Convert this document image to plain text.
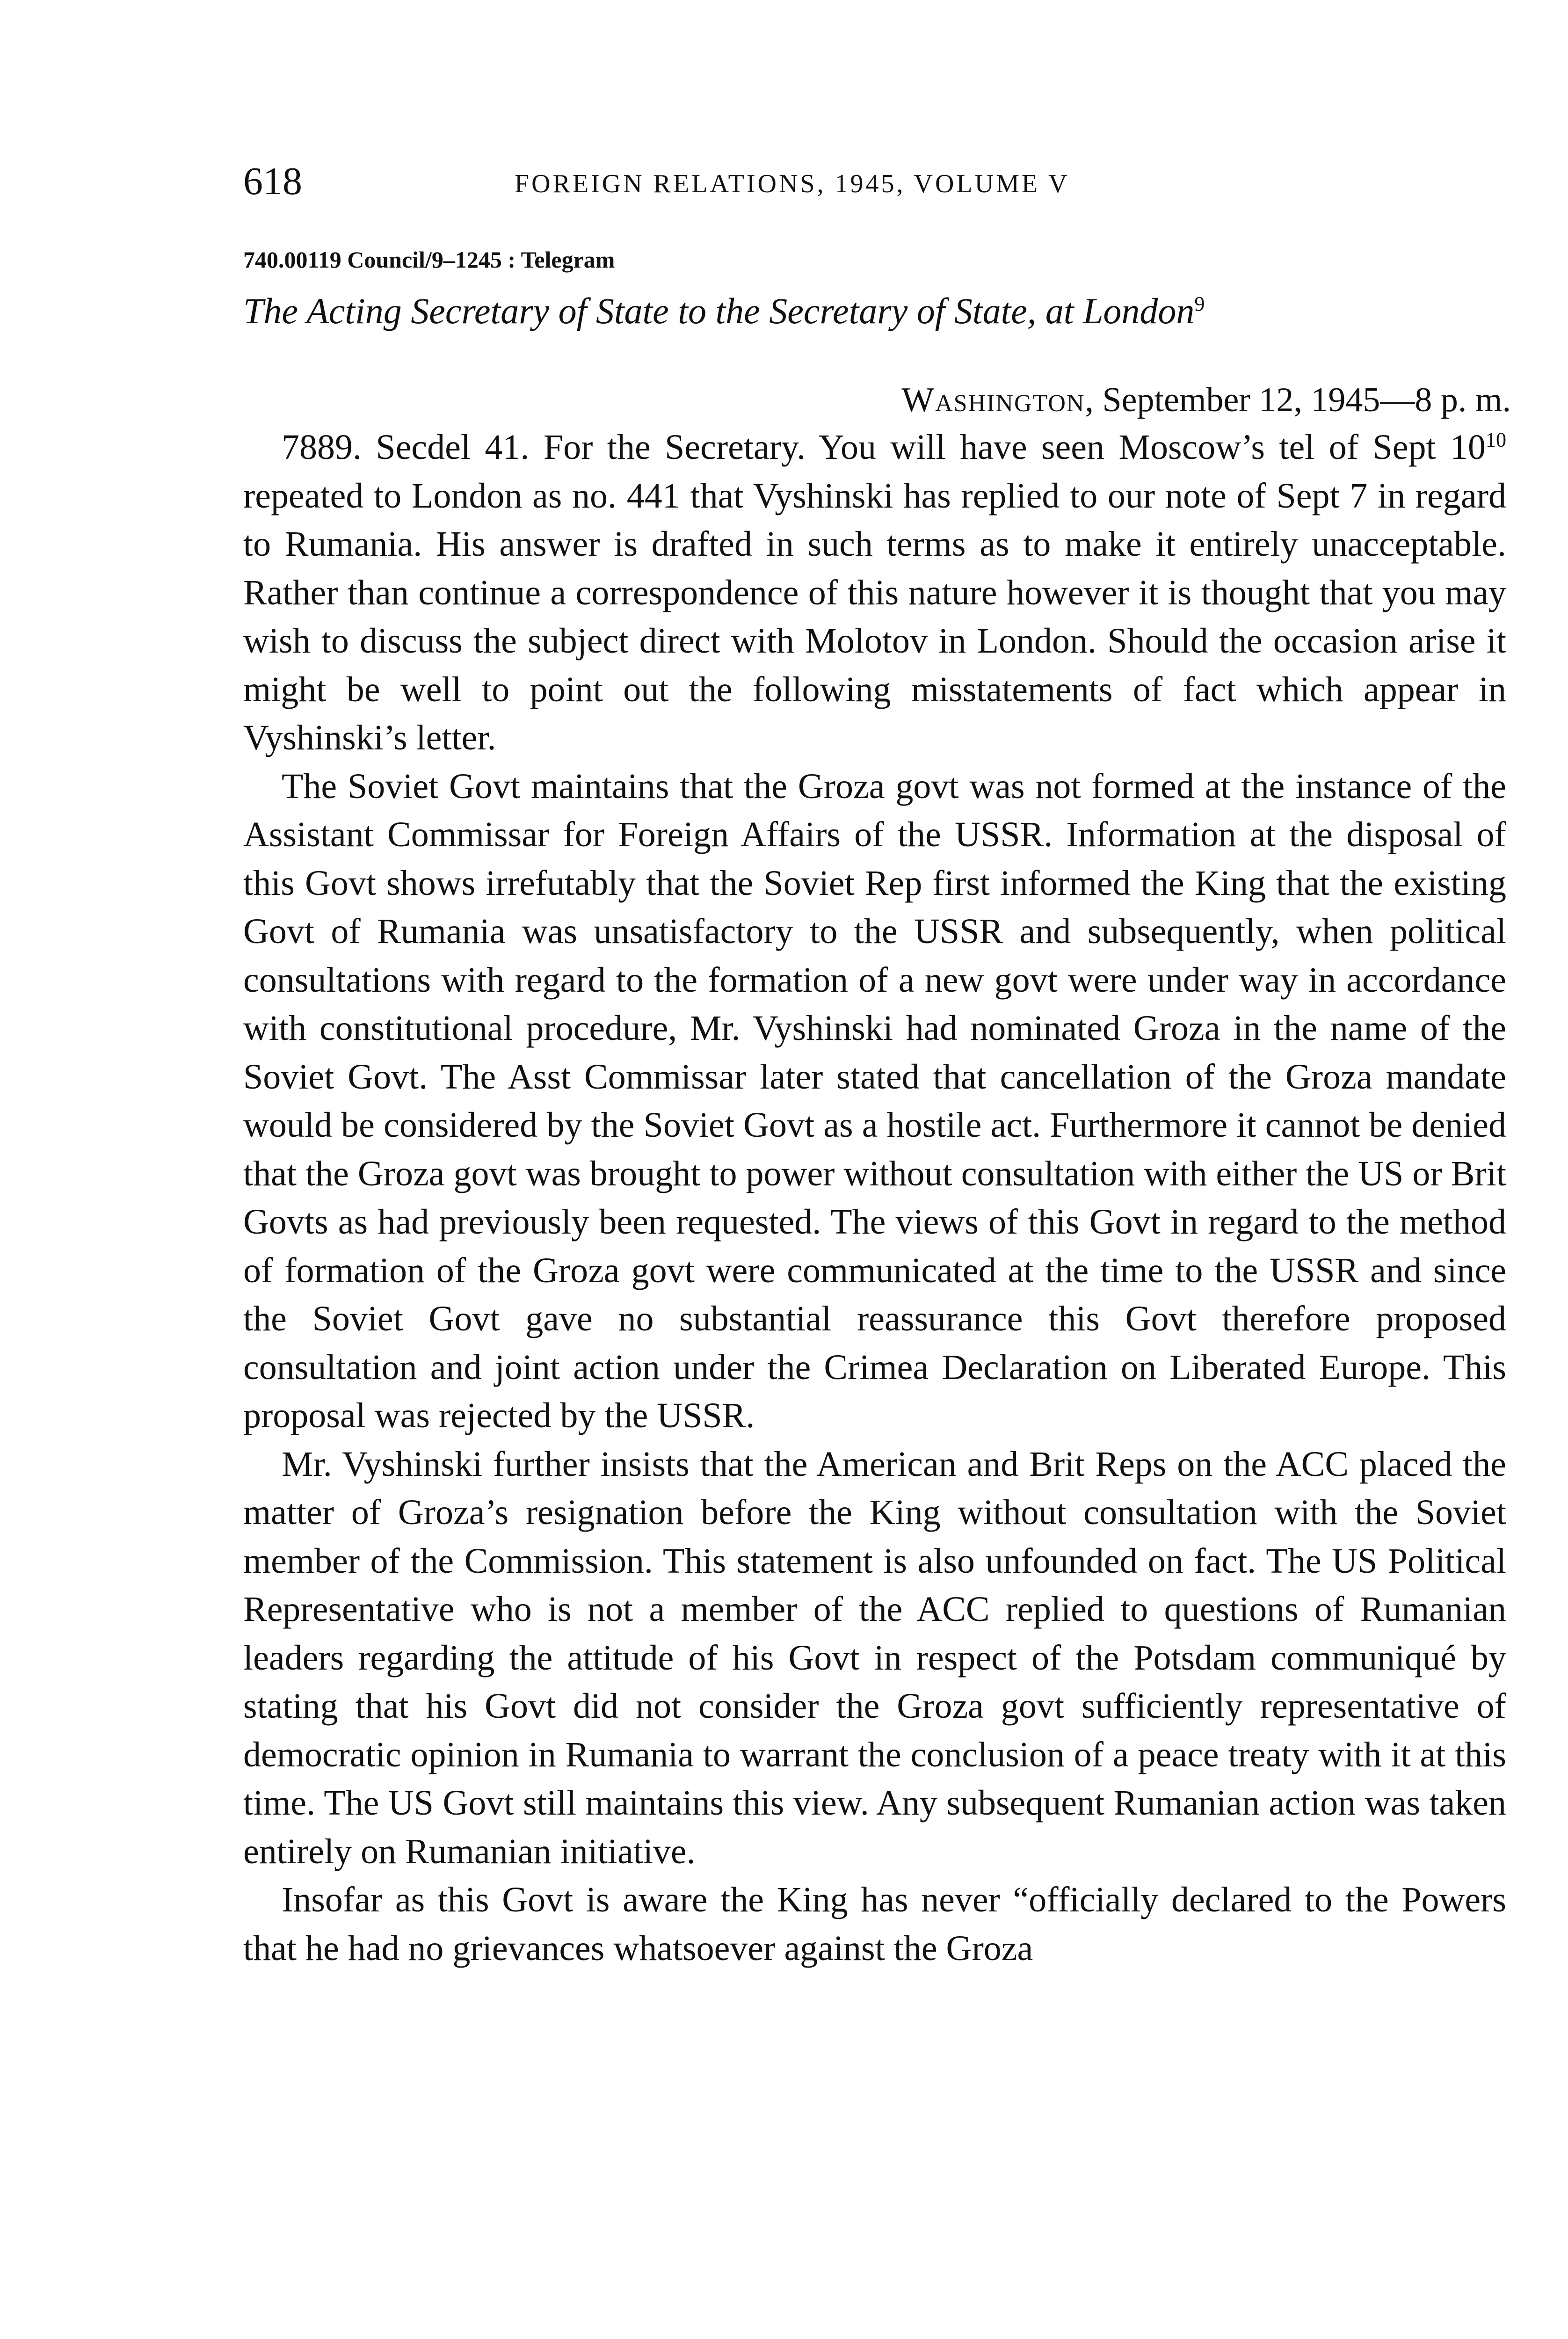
618	FOREIGN RELATIONS, 1945, VOLUME V
740.00119 Council/9–1245 : Telegram
The Acting Secretary of State to the Secretary of State, at London$^9$
Washington, September 12, 1945—8 p. m.

7889. Secdel 41. For the Secretary. You will have seen Moscow’s tel of Sept $10^{10}$ repeated to London as no. 441 that Vyshinski has replied to our note of Sept 7 in regard to Rumania. His answer is drafted in such terms as to make it entirely unacceptable. Rather than continue a correspondence of this nature however it is thought that you may wish to discuss the subject direct with Molotov in London. Should the occasion arise it might be well to point out the following misstatements of fact which appear in Vyshinski’s letter.

The Soviet Govt maintains that the Groza govt was not formed at the instance of the Assistant Commissar for Foreign Affairs of the USSR. Information at the disposal of this Govt shows irrefutably that the Soviet Rep first informed the King that the existing Govt of Rumania was unsatisfactory to the USSR and subsequently, when political consultations with regard to the formation of a new govt were under way in accordance with constitutional procedure, Mr. Vyshinski had nominated Groza in the name of the Soviet Govt. The Asst Commissar later stated that cancellation of the Groza mandate would be considered by the Soviet Govt as a hostile act. Furthermore it cannot be denied that the Groza govt was brought to power without consultation with either the US or Brit Govts as had previously been requested. The views of this Govt in regard to the method of formation of the Groza govt were communicated at the time to the USSR and since the Soviet Govt gave no substantial reassurance this Govt therefore proposed consultation and joint action under the Crimea Declaration on Liberated Europe. This proposal was rejected by the USSR.

Mr. Vyshinski further insists that the American and Brit Reps on the ACC placed the matter of Groza’s resignation before the King without consultation with the Soviet member of the Commission. This statement is also unfounded on fact. The US Political Representative who is not a member of the ACC replied to questions of Rumanian leaders regarding the attitude of his Govt in respect of the Potsdam communiqué by stating that his Govt did not consider the Groza govt sufficiently representative of democratic opinion in Rumania to warrant the conclusion of a peace treaty with it at this time. The US Govt still maintains this view. Any subsequent Rumanian action was taken entirely on Rumanian initiative.

Insofar as this Govt is aware the King has never “officially declared to the Powers that he had no grievances whatsoever against the Groza
